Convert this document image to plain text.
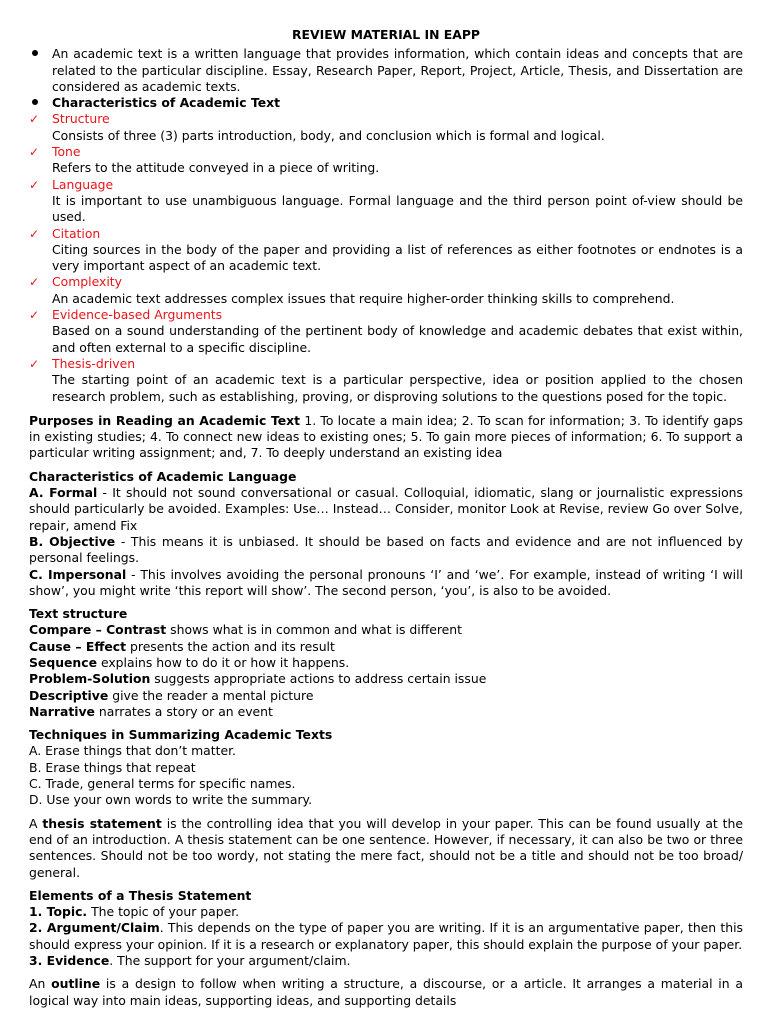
REVIEW MATERIAL IN EAPP

An academic text is a written language that provides information, which contain ideas and concepts that are related to the particular discipline. Essay, Research Paper, Report, Project, Article, Thesis, and Dissertation are considered as academic texts.
Characteristics of Academic Text
✓	Structure
Consists of three (3) parts introduction, body, and conclusion which is formal and logical.
✓	Tone
Refers to the attitude conveyed in a piece of writing.
✓	Language
It is important to use unambiguous language. Formal language and the third person point of-view should be used.
✓	Citation
Citing sources in the body of the paper and providing a list of references as either footnotes or endnotes is a very important aspect of an academic text.
✓	Complexity
An academic text addresses complex issues that require higher-order thinking skills to comprehend.
✓	Evidence-based Arguments
Based on a sound understanding of the pertinent body of knowledge and academic debates that exist within, and often external to a specific discipline.
✓	Thesis-driven
The starting point of an academic text is a particular perspective, idea or position applied to the chosen research problem, such as establishing, proving, or disproving solutions to the questions posed for the topic.

Purposes in Reading an Academic Text 1. To locate a main idea; 2. To scan for information; 3. To identify gaps in existing studies; 4. To connect new ideas to existing ones; 5. To gain more pieces of information; 6. To support a particular writing assignment; and, 7. To deeply understand an existing idea

Characteristics of Academic Language

A. Formal - It should not sound conversational or casual. Colloquial, idiomatic, slang or journalistic expressions should particularly be avoided. Examples: Use… Instead… Consider, monitor Look at Revise, review Go over Solve, repair, amend Fix

B. Objective - This means it is unbiased. It should be based on facts and evidence and are not influenced by personal feelings.

C. Impersonal - This involves avoiding the personal pronouns ‘I’ and ‘we’. For example, instead of writing ‘I will show’, you might write ‘this report will show’. The second person, ‘you’, is also to be avoided.

Text structure

Compare – Contrast shows what is in common and what is different

Cause – Effect presents the action and its result

Sequence explains how to do it or how it happens.

Problem-Solution suggests appropriate actions to address certain issue

Descriptive give the reader a mental picture

Narrative narrates a story or an event

Techniques in Summarizing Academic Texts

A. Erase things that don’t matter.

B. Erase things that repeat

C. Trade, general terms for specific names.

D. Use your own words to write the summary.

A thesis statement is the controlling idea that you will develop in your paper. This can be found usually at the end of an introduction. A thesis statement can be one sentence. However, if necessary, it can also be two or three sentences. Should not be too wordy, not stating the mere fact, should not be a title and should not be too broad/ general.

Elements of a Thesis Statement

1. Topic. The topic of your paper.

2. Argument/Claim. This depends on the type of paper you are writing. If it is an argumentative paper, then this should express your opinion. If it is a research or explanatory paper, this should explain the purpose of your paper.

3. Evidence. The support for your argument/claim.

An outline is a design to follow when writing a structure, a discourse, or a article. It arranges a material in a logical way into main ideas, supporting ideas, and supporting details
